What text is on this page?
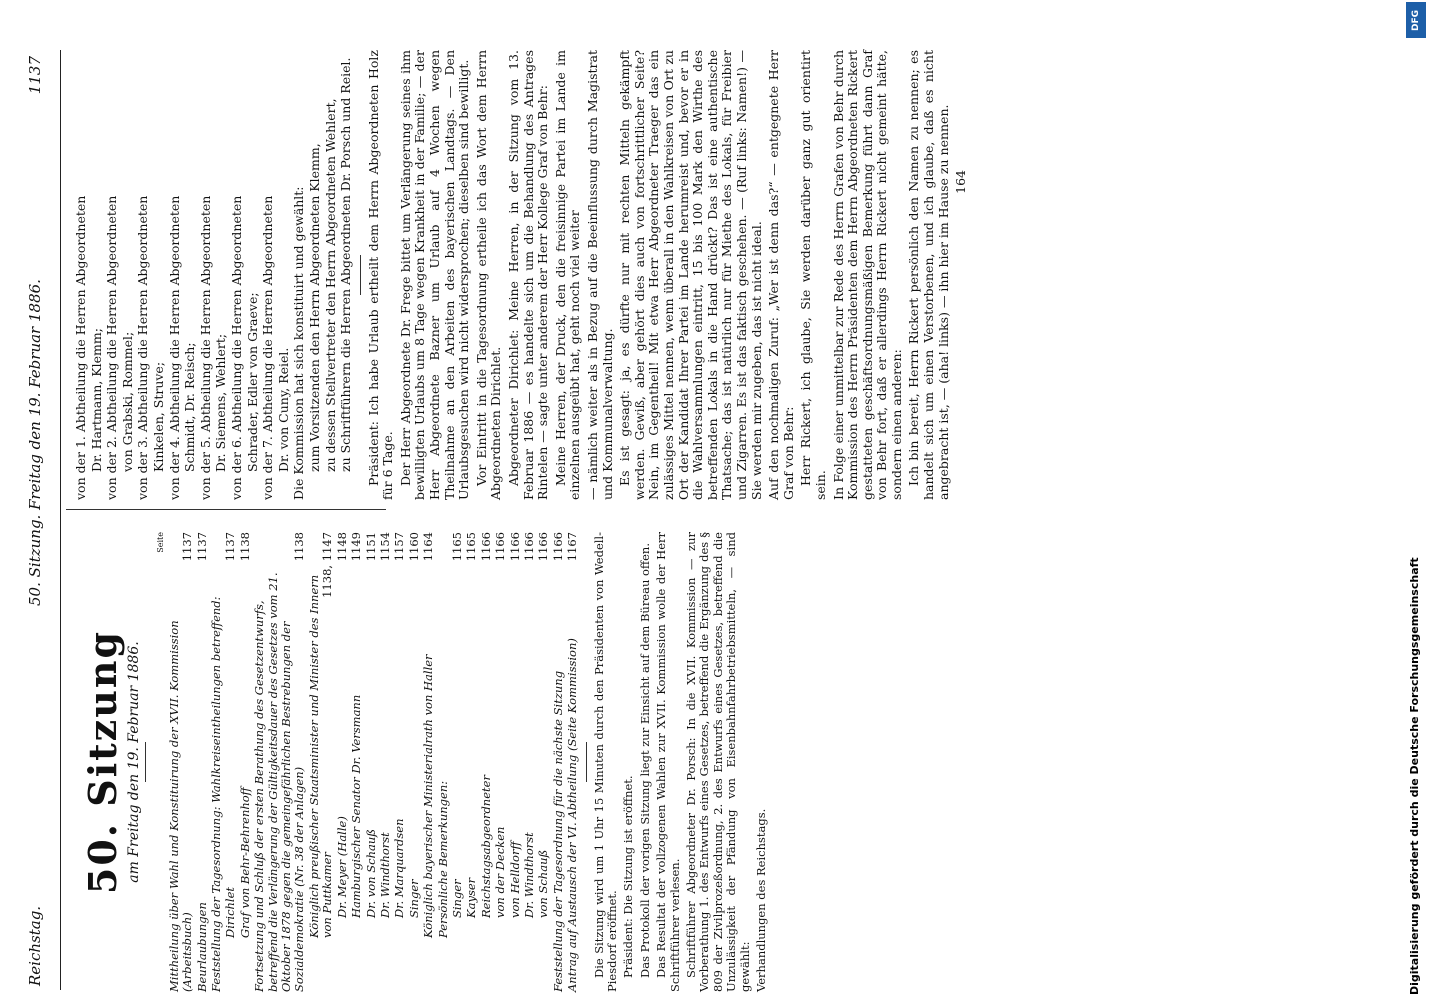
Reichstag.
50. Sitzung. Freitag den 19. Februar 1886.
1137
50. Sitzung am Freitag den 19. Februar 1886.
Seite
Mittheilung über Wahl und Konstituirung der XVII. Kommission (Arbeitsbuch)
1137
Beurlaubungen
1137
Feststellung der Tagesordnung: Wahlkreiseintheilungen betreffend: Dirichlet
1137
Graf von Behr-Behrenhoff
1138
Fortsetzung und Schluß der ersten Berathung des Gesetzentwurfs, betreffend die Verlängerung der Gültigkeitsdauer des Gesetzes vom 21. Oktober 1878 gegen die gemeingefährlichen Bestrebungen der Sozialdemokratie (Nr. 38 der Anlagen)
1138
Königlich preußischer Staatsminister und Minister des Innern von Puttkamer
1138, 1147
Dr. Meyer (Halle)
1148
Hamburgischer Senator Dr. Versmann
1149
Dr. von Schauß
1151
Dr. Windthorst
1154
Dr. Marquardsen
1157
Singer
1160
Königlich bayerischer Ministerialrath von Haller
1164
Persönliche Bemerkungen: Singer
1165
Kayser
1165
Reichstagsabgeordneter
1166
von der Decken
1166
von Helldorff
1166
Dr. Windthorst
1166
von Schauß
1166
Feststellung der Tagesordnung für die nächste Sitzung
1166
Antrag auf Austausch der VI. Abtheilung (Seite Kommission)
1167 Die Sitzung wird um 1 Uhr 15 Minuten durch den Präsidenten von Wedell-Piesdorf eröffnet. Präsident: Die Sitzung ist eröffnet. Das Protokoll der vorigen Sitzung liegt zur Einsicht auf dem Büreau offen. Das Resultat der vollzogenen Wahlen zur XVII. Kommission wolle der Herr Schriftführer verlesen. Schriftführer Abgeordneter Dr. Porsch: In die XVII. Kommission — zur Vorberathung 1. des Entwurfs eines Gesetzes, betreffend die Ergänzung des § 809 der Zivilprozeßordnung, 2. des Entwurfs eines Gesetzes, betreffend die Unzulässigkeit der Pfändung von Eisenbahnfahrbetriebsmitteln, — sind gewählt: Verhandlungen des Reichstags.

von der 1. Abtheilung die Herren Abgeordneten Dr. Hartmann, Klemm; von der 2. Abtheilung die Herren Abgeordneten von Grabski, Rommel; von der 3. Abtheilung die Herren Abgeordneten Kinkelen, Struve; von der 4. Abtheilung die Herren Abgeordneten Schmidt, Dr. Reisch; von der 5. Abtheilung die Herren Abgeordneten Dr. Siemens, Wehlert; von der 6. Abtheilung die Herren Abgeordneten Schrader, Edler von Graeve; von der 7. Abtheilung die Herren Abgeordneten Dr. von Cuny, Reiel. Die Kommission hat sich konstituirt und gewählt: zum Vorsitzenden den Herrn Abgeordneten Klemm, zu dessen Stellvertreter den Herrn Abgeordneten Wehlert, zu Schriftführern die Herren Abgeordneten Dr. Porsch und Reiel. Präsident: Ich habe Urlaub ertheilt dem Herrn Abgeordneten Holz für 6 Tage. Der Herr Abgeordnete Dr. Frege bittet um Verlängerung seines ihm bewilligten Urlaubs um 8 Tage wegen Krankheit in der Familie; — der Herr Abgeordnete Bazner um Urlaub auf 4 Wochen wegen Theilnahme an den Arbeiten des bayerischen Landtags. — Den Urlaubsgesuchen wird nicht widersprochen; dieselben sind bewilligt. Vor Eintritt in die Tagesordnung ertheile ich das Wort dem Herrn Abgeordneten Dirichlet. Abgeordneter Dirichlet: Meine Herren, in der Sitzung vom 13. Februar 1886 — es handelte sich um die Behandlung des Antrages Rintelen — sagte unter anderem der Herr Kollege Graf von Behr: Meine Herren, der Druck, den die freisinnige Partei im Lande im einzelnen ausgeübt hat, geht noch viel weiter — nämlich weiter als in Bezug auf die Beeinflussung durch Magistrat und Kommunalverwaltung. Es ist gesagt: ja, es dürfte nur mit rechten Mitteln gekämpft werden. Gewiß, aber gehört dies auch von fortschrittlicher Seite? Nein, im Gegentheil! Mit etwa Herr Abgeordneter Traeger das ein zulässiges Mittel nennen, wenn überall in den Wahlkreisen von Ort zu Ort der Kandidat Ihrer Partei im Lande herumreist und, bevor er in die Wahlversammlungen eintritt, 15 bis 100 Mark den Wirthe des betreffenden Lokals in die Hand drückt? Das ist eine authentische Thatsache; das ist natürlich nur für Miethe des Lokals, für Freibier und Zigarren. Es ist das faktisch geschehen. — (Ruf links: Namen!) — Sie werden mir zugeben, das ist nicht ideal. Auf den nochmaligen Zuruf: „Wer ist denn das?“ — entgegnete Herr Graf von Behr: Herr Rickert, ich glaube, Sie werden darüber ganz gut orientirt sein. In Folge einer unmittelbar zur Rede des Herrn Grafen von Behr durch Kommission des Herrn Präsidenten dem Herrn Abgeordneten Rickert gestatteten geschäftsordnungsmäßigen Bemerkung führt dann Graf von Behr fort, daß er allerdings Herrn Rickert nicht gemeint hätte, sondern einen anderen: Ich bin bereit, Herrn Rickert persönlich den Namen zu nennen; es handelt sich um einen Verstorbenen, und ich glaube, daß es nicht angebracht ist, — (aha! links) — ihn hier im Hause zu nennen. 164
DFG
Digitalisierung gefördert durch die Deutsche Forschungsgemeinschaft
